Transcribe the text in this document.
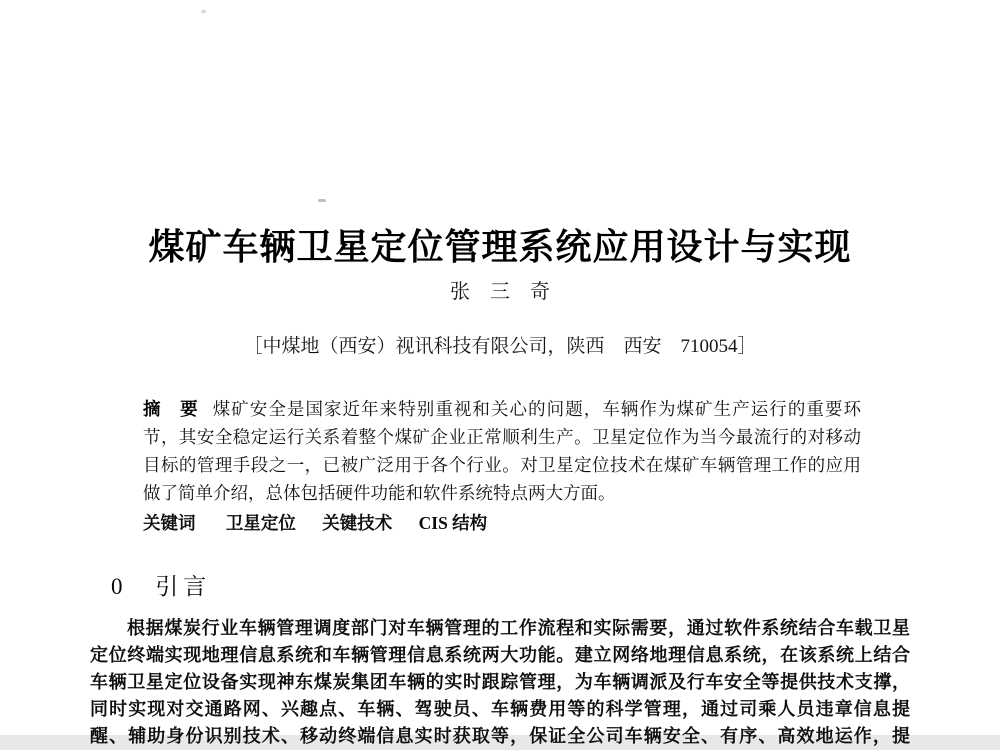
煤矿车辆卫星定位管理系统应用设计与实现
张　三　奇
［中煤地（西安）视讯科技有限公司，陕西　西安　710054］
摘　要 煤矿安全是国家近年来特别重视和关心的问题，车辆作为煤矿生产运行的重要环
节，其安全稳定运行关系着整个煤矿企业正常顺利生产。卫星定位作为当今最流行的对移动
目标的管理手段之一，已被广泛用于各个行业。对卫星定位技术在煤矿车辆管理工作的应用
做了简单介绍，总体包括硬件功能和软件系统特点两大方面。
关键词 卫星定位 关键技术 CIS 结构
0 引言
根据煤炭行业车辆管理调度部门对车辆管理的工作流程和实际需要，通过软件系统结合车载卫星
定位终端实现地理信息系统和车辆管理信息系统两大功能。建立网络地理信息系统，在该系统上结合
车辆卫星定位设备实现神东煤炭集团车辆的实时跟踪管理，为车辆调派及行车安全等提供技术支撑，
同时实现对交通路网、兴趣点、车辆、驾驶员、车辆费用等的科学管理，通过司乘人员违章信息提
醒、辅助身份识别技术、移动终端信息实时获取等，保证全公司车辆安全、有序、高效地运作，提
